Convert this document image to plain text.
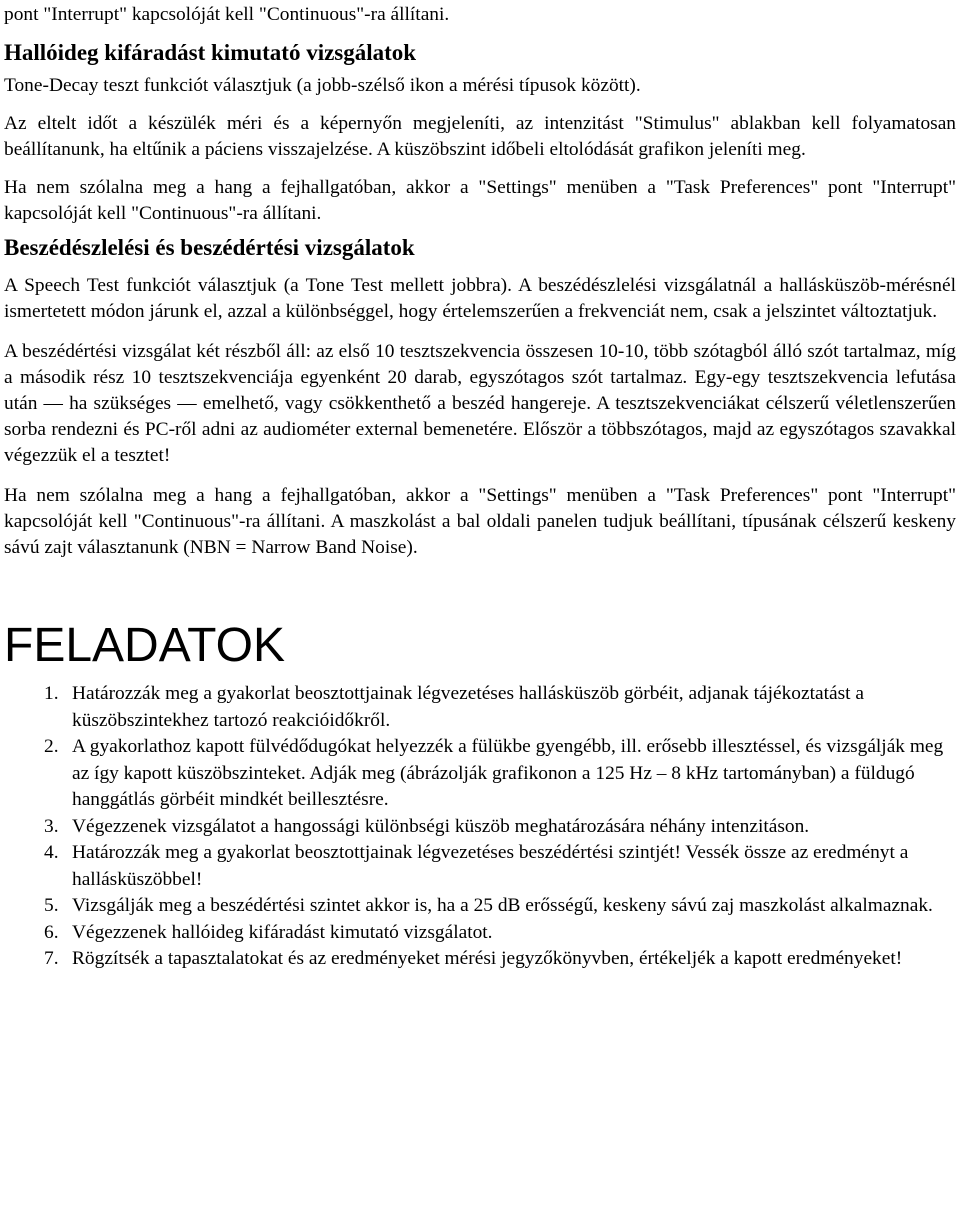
pont "Interrupt" kapcsolóját kell "Continuous"-ra állítani.

Hallóideg kifáradást kimutató vizsgálatok

Tone-Decay teszt funkciót választjuk (a jobb-szélső ikon a mérési típusok között).

Az eltelt időt a készülék méri és a képernyőn megjeleníti, az intenzitást "Stimulus" ablakban kell folyamatosan beállítanunk, ha eltűnik a páciens visszajelzése. A küszöbszint időbeli eltolódását grafikon jeleníti meg.

Ha nem szólalna meg a hang a fejhallgatóban, akkor a "Settings" menüben a "Task Preferences" pont "Interrupt" kapcsolóját kell "Continuous"-ra állítani.

Beszédészlelési és beszédértési vizsgálatok

A Speech Test funkciót választjuk (a Tone Test mellett jobbra). A beszédészlelési vizsgálatnál a hallásküszöb-mérésnél ismertetett módon járunk el, azzal a különbséggel, hogy értelemszerűen a frekvenciát nem, csak a jelszintet változtatjuk.

A beszédértési vizsgálat két részből áll: az első 10 tesztszekvencia összesen 10-10, több szótagból álló szót tartalmaz, míg a második rész 10 tesztszekvenciája egyenként 20 darab, egyszótagos szót tartalmaz. Egy-egy tesztszekvencia lefutása után — ha szükséges — emelhető, vagy csökkenthető a beszéd hangereje. A tesztszekvenciákat célszerű véletlenszerűen sorba rendezni és PC-ről adni az audiométer external bemenetére. Először a többszótagos, majd az egyszótagos szavakkal végezzük el a tesztet!

Ha nem szólalna meg a hang a fejhallgatóban, akkor a "Settings" menüben a "Task Preferences" pont "Interrupt" kapcsolóját kell "Continuous"-ra állítani. A maszkolást a bal oldali panelen tudjuk beállítani, típusának célszerű keskeny sávú zajt választanunk (NBN = Narrow Band Noise).

FELADATOK
1. Határozzák meg a gyakorlat beosztottjainak légvezetéses hallásküszöb görbéit, adjanak tájékoztatást a küszöbszintekhez tartozó reakcióidőkről.
2. A gyakorlathoz kapott fülvédődugókat helyezzék a fülükbe gyengébb, ill. erősebb illesztéssel, és vizsgálják meg az így kapott küszöbszinteket. Adják meg (ábrázolják grafikonon a 125 Hz – 8 kHz tartományban) a füldugó hanggátlás görbéit mindkét beillesztésre.
3. Végezzenek vizsgálatot a hangossági különbségi küszöb meghatározására néhány intenzitáson.
4. Határozzák meg a gyakorlat beosztottjainak légvezetéses beszédértési szintjét! Vessék össze az eredményt a hallásküszöbbel!
5. Vizsgálják meg a beszédértési szintet akkor is, ha a 25 dB erősségű, keskeny sávú zaj maszkolást alkalmaznak.
6. Végezzenek hallóideg kifáradást kimutató vizsgálatot.
7. Rögzítsék a tapasztalatokat és az eredményeket mérési jegyzőkönyvben, értékeljék a kapott eredményeket!
